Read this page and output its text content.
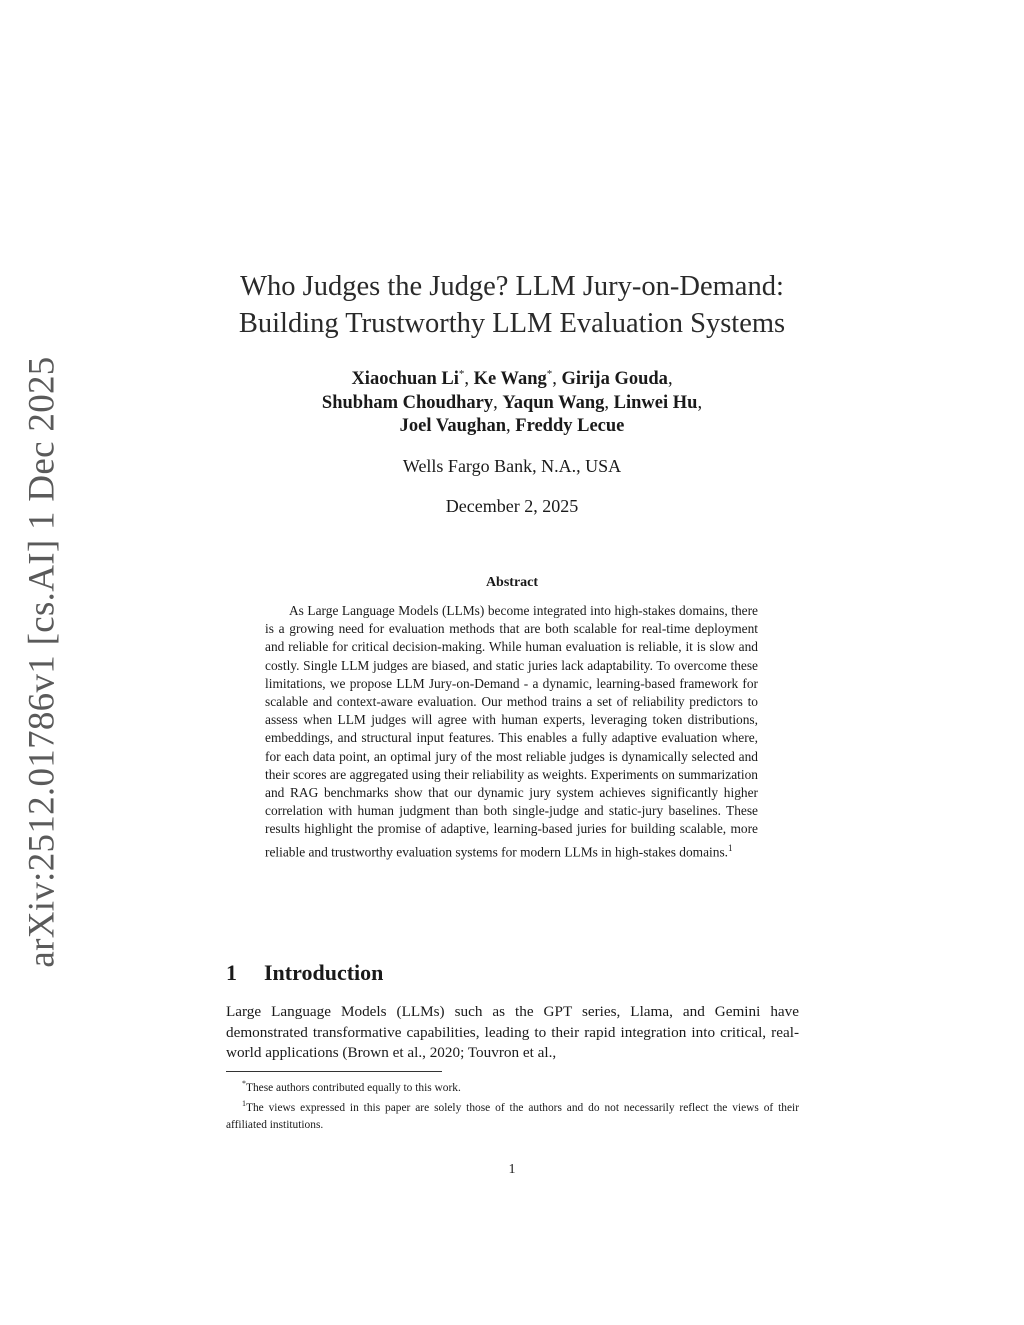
arXiv:2512.01786v1 [cs.AI] 1 Dec 2025
Who Judges the Judge? LLM Jury-on-Demand:
Building Trustworthy LLM Evaluation Systems
Xiaochuan Li*, Ke Wang*, Girija Gouda,
Shubham Choudhary, Yaqun Wang, Linwei Hu,
Joel Vaughan, Freddy Lecue
Wells Fargo Bank, N.A., USA
December 2, 2025
Abstract
As Large Language Models (LLMs) become integrated into high-stakes domains, there is a growing need for evaluation methods that are both scalable for real-time deployment and reliable for critical decision-making. While human evaluation is reliable, it is slow and costly. Single LLM judges are biased, and static juries lack adaptability. To overcome these limitations, we propose LLM Jury-on-Demand - a dynamic, learning-based framework for scalable and context-aware evaluation. Our method trains a set of reliability predictors to assess when LLM judges will agree with human experts, leveraging token distributions, embeddings, and structural input features. This enables a fully adaptive evaluation where, for each data point, an optimal jury of the most reliable judges is dynamically selected and their scores are aggregated using their reliability as weights. Experiments on summarization and RAG benchmarks show that our dynamic jury system achieves significantly higher correlation with human judgment than both single-judge and static-jury baselines. These results highlight the promise of adaptive, learning-based juries for building scalable, more reliable and trustworthy evaluation systems for modern LLMs in high-stakes domains.$^1$
1 Introduction
Large Language Models (LLMs) such as the GPT series, Llama, and Gemini have demonstrated transformative capabilities, leading to their rapid integration into critical, real-world applications (Brown et al., 2020; Touvron et al.,
*These authors contributed equally to this work.
$^1$The views expressed in this paper are solely those of the authors and do not necessarily reflect the views of their affiliated institutions.
1
